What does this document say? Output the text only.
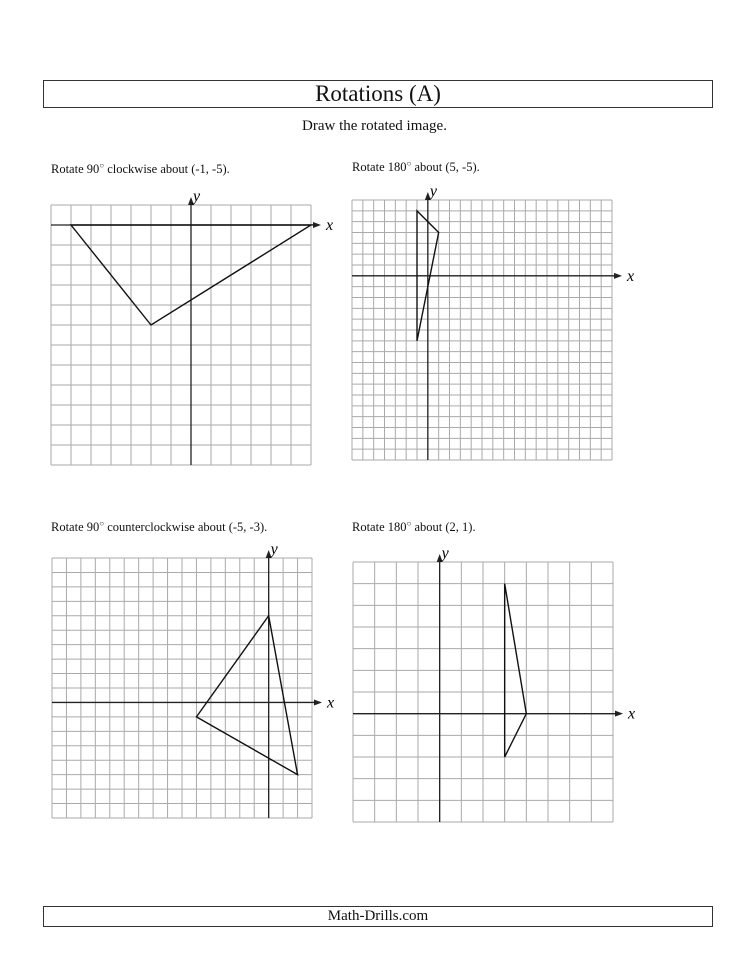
Rotations (A)
Draw the rotated image.
Rotate 90○ clockwise about (-1, -5).	Rotate 180○ about (5, -5).
Rotate 90○ counterclockwise about (-5, -3).	Rotate 180○ about (2, 1).
x
y
x
y
x
y
x
y
Math-Drills.com
